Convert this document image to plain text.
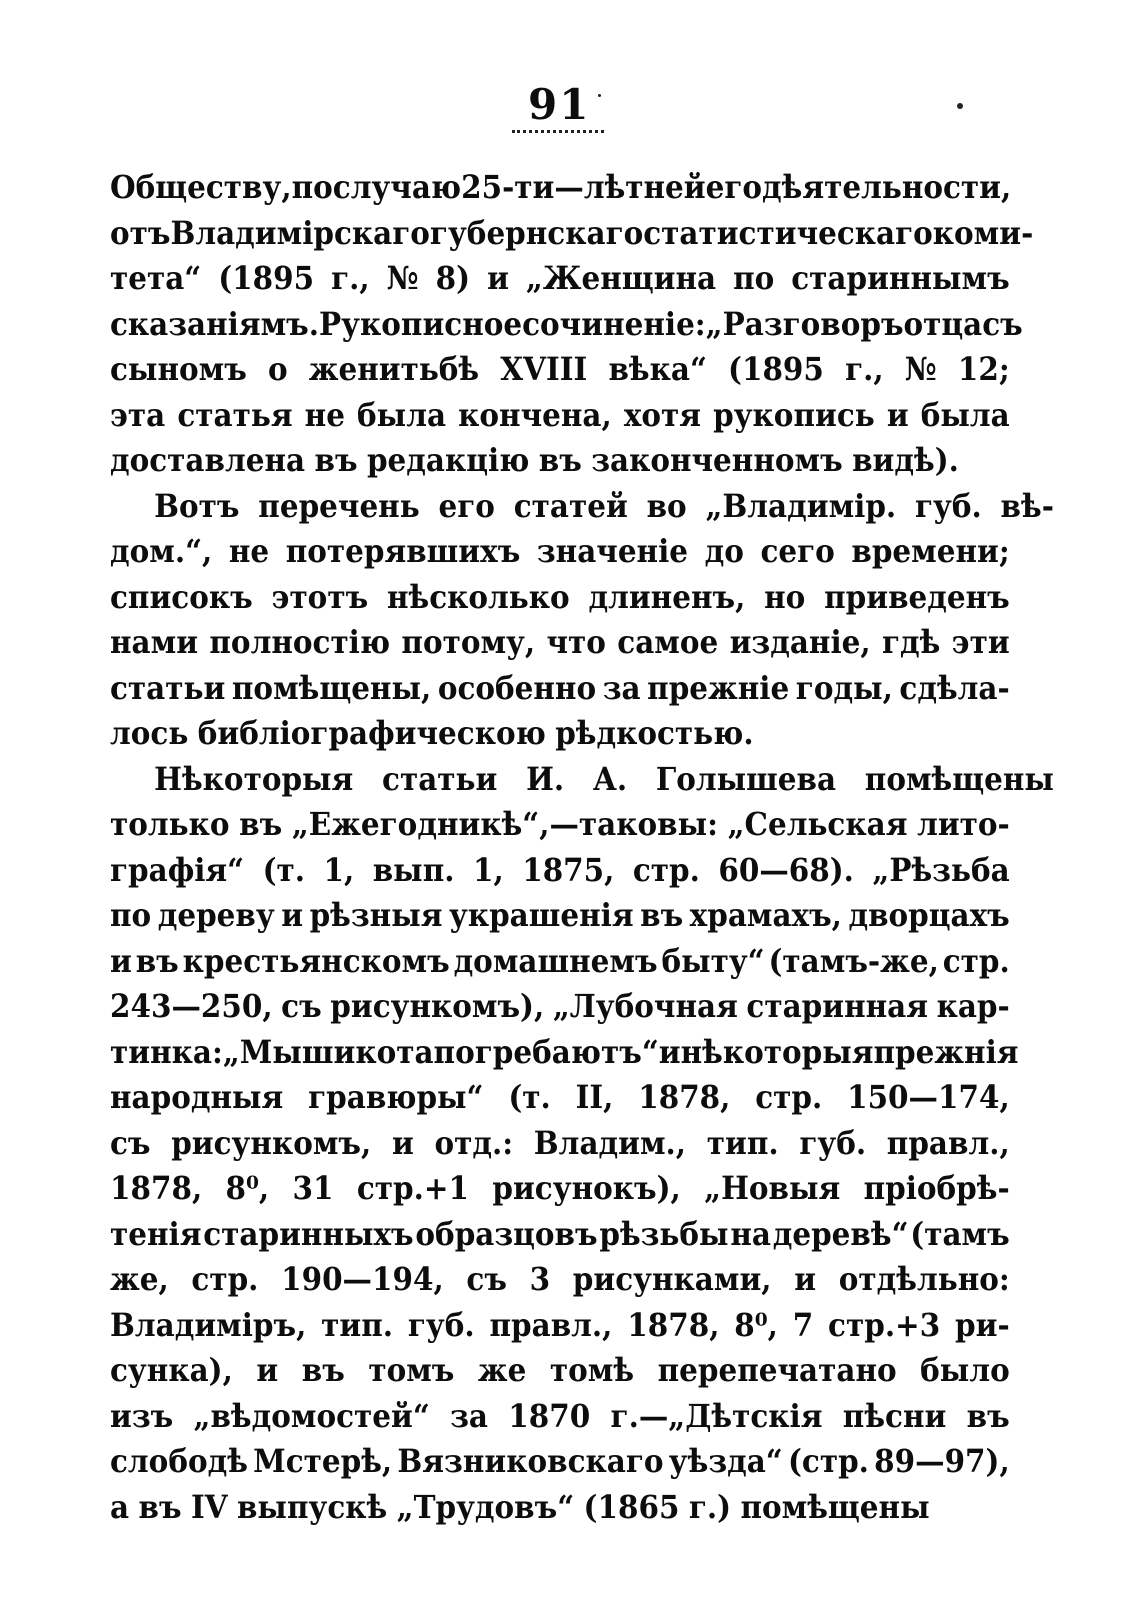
91
Обществу, по случаю 25-ти—лѣтней его дѣятельности,
отъ Владимірскаго губернскаго статистическаго коми-
тета“ (1895 г., № 8) и „Женщина по стариннымъ
сказаніямъ. Рукописное сочиненіе: „Разговоръ отца съ
сыномъ о женитьбѣ XVIII вѣка“ (1895 г., № 12;
эта статья не была кончена, хотя рукопись и была
доставлена въ редакцію въ законченномъ видѣ).
Вотъ перечень его статей во „Владимір. губ. вѣ-
дом.“, не потерявшихъ значеніе до сего времени;
списокъ этотъ нѣсколько длиненъ, но приведенъ
нами полностію потому, что самое изданіе, гдѣ эти
статьи помѣщены, особенно за прежніе годы, сдѣла-
лось библіографическою рѣдкостью.
Нѣкоторыя статьи И. А. Голышева помѣщены
только въ „Ежегодникѣ“,—таковы: „Сельская лито-
графія“ (т. 1, вып. 1, 1875, стр. 60—68). „Рѣзьба
по дереву и рѣзныя украшенія въ храмахъ, дворцахъ
и въ крестьянскомъ домашнемъ быту“ (тамъ-же, стр.
243—250, съ рисункомъ), „Лубочная старинная кар-
тинка: „Мыши кота погребаютъ“ и нѣкоторыя прежнія
народныя гравюры“ (т. II, 1878, стр. 150—174,
съ рисункомъ, и отд.: Владим., тип. губ. правл.,
1878, 8⁰, 31 стр.+1 рисунокъ), „Новыя пріобрѣ-
тенія старинныхъ образцовъ рѣзьбы на деревѣ“ (тамъ
же, стр. 190—194, съ 3 рисунками, и отдѣльно:
Владиміръ, тип. губ. правл., 1878, 8⁰, 7 стр.+3 ри-
сунка), и въ томъ же томѣ перепечатано было
изъ „вѣдомостей“ за 1870 г.—„Дѣтскія пѣсни въ
слободѣ Мстерѣ, Вязниковскаго уѣзда“ (стр. 89—97),
а въ IV выпускѣ „Трудовъ“ (1865 г.) помѣщены
